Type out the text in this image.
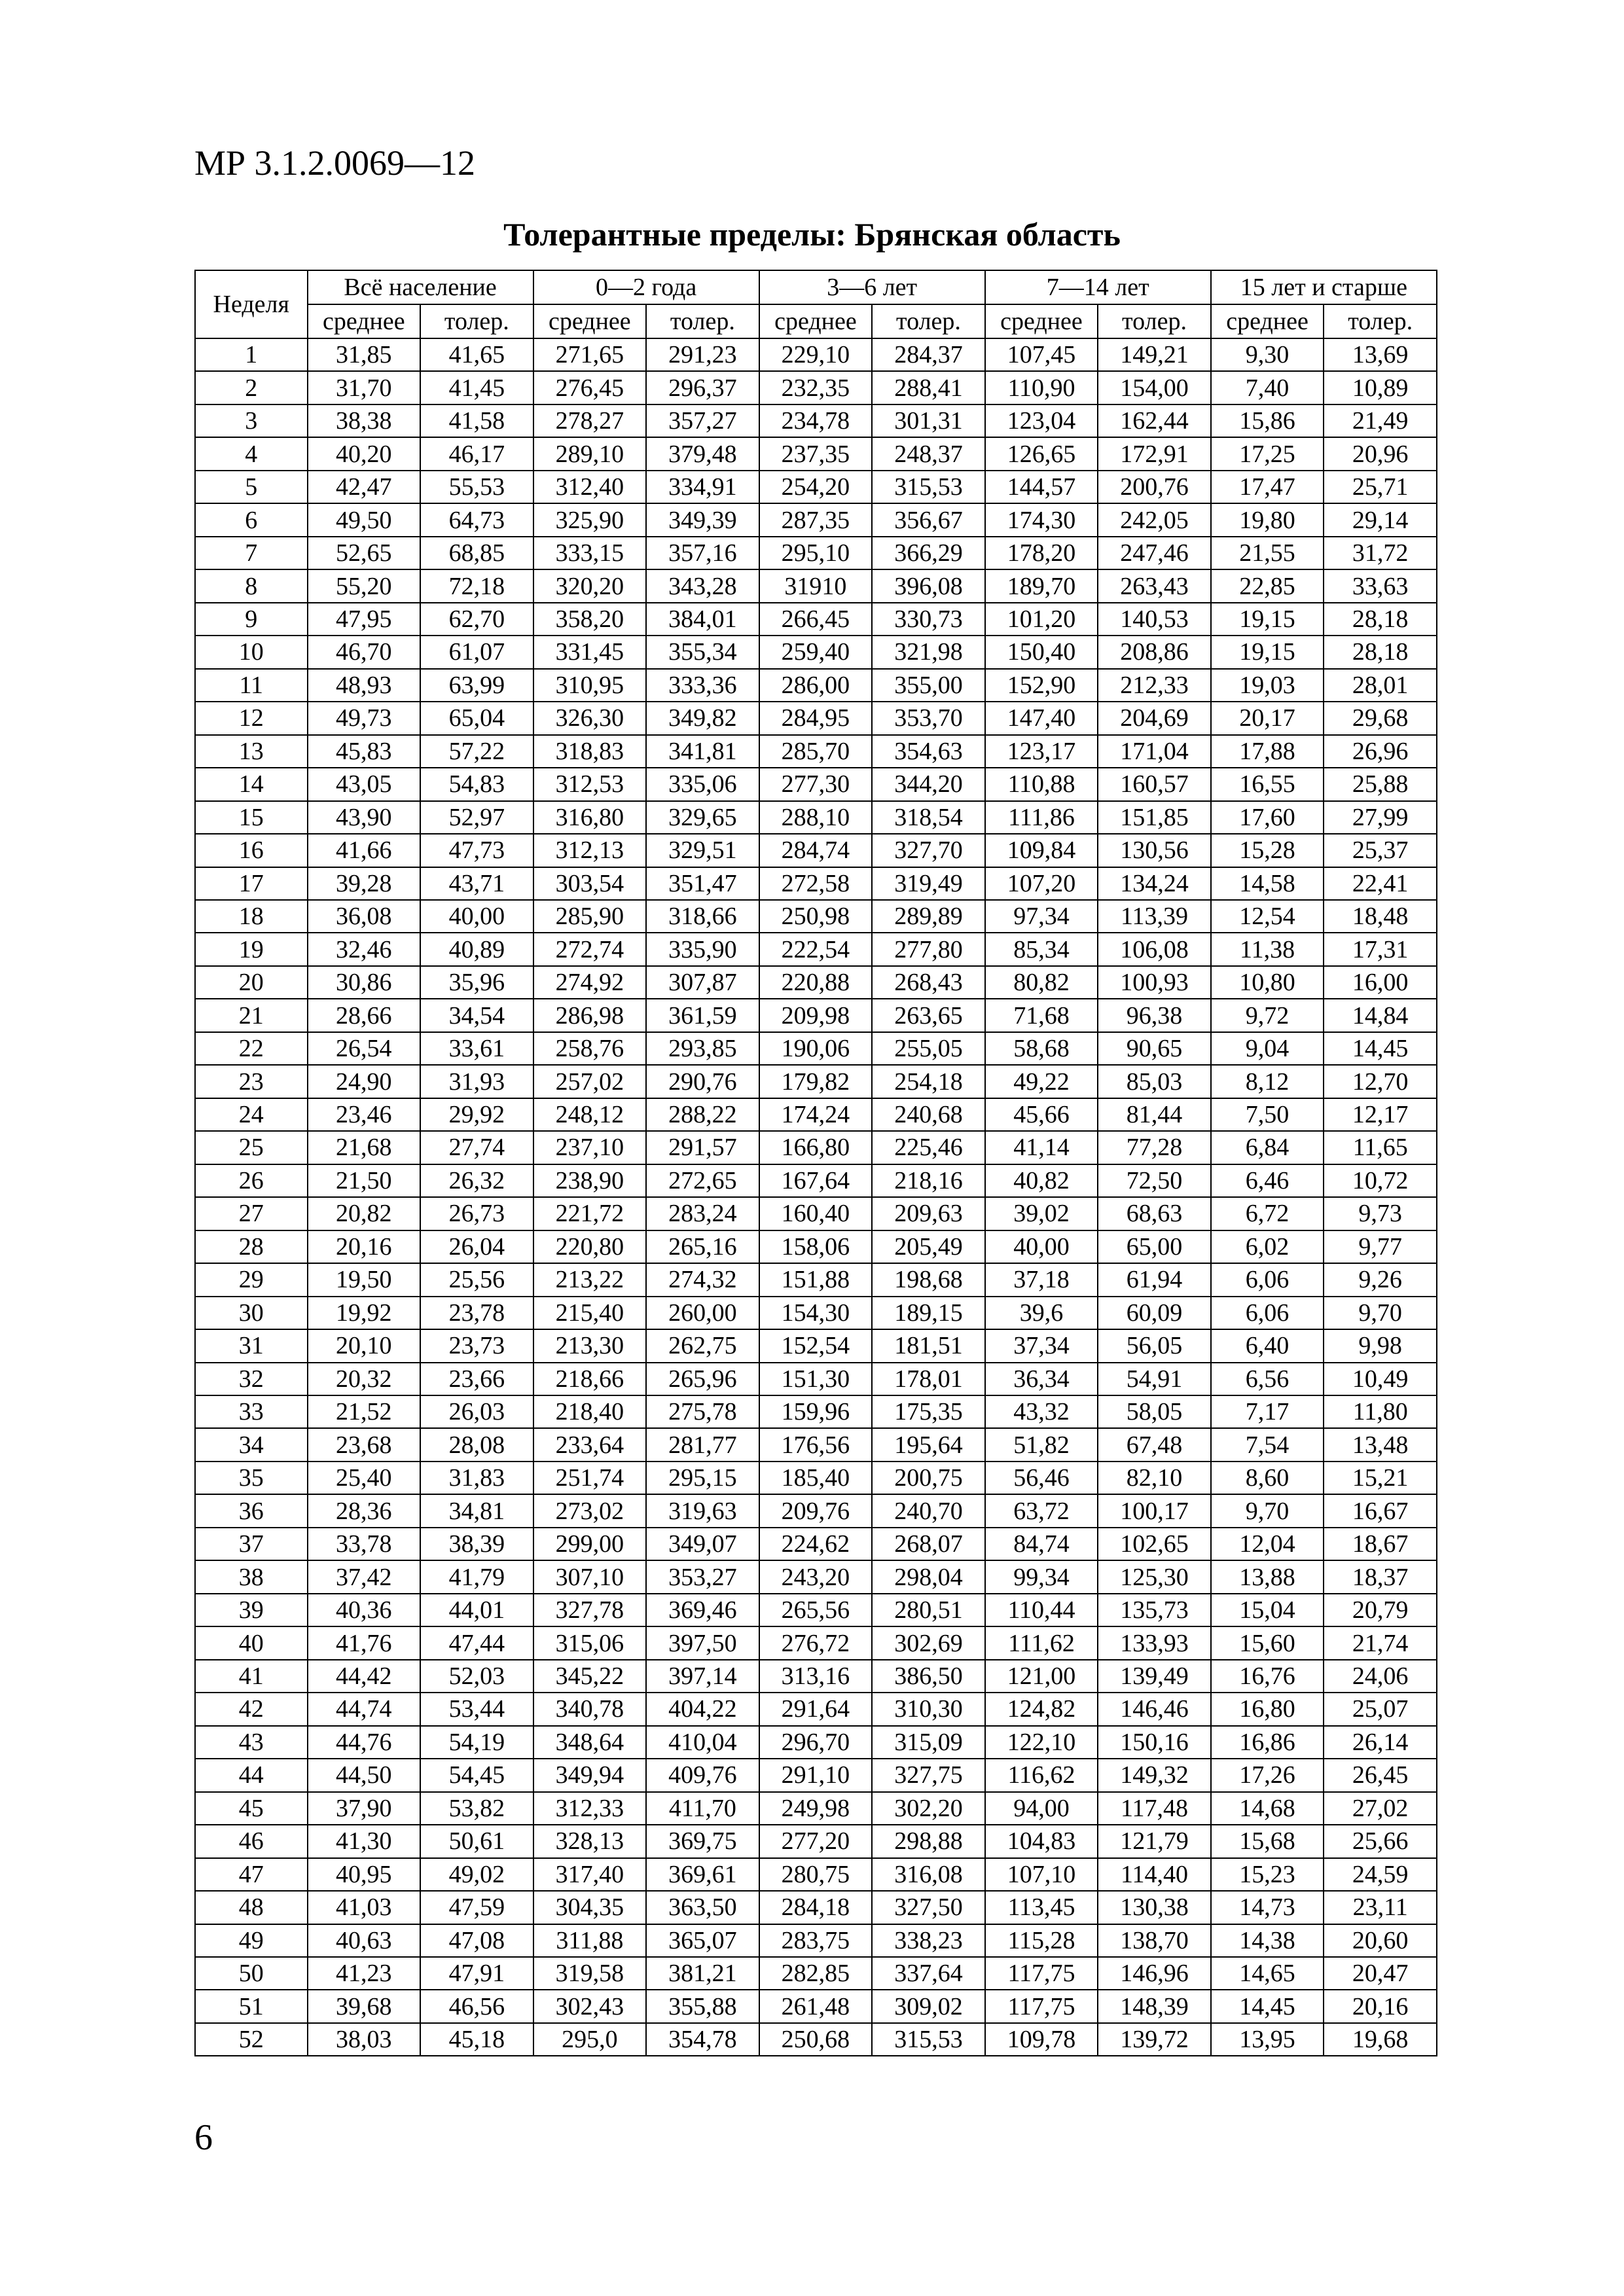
МР 3.1.2.0069—12
Толерантные пределы: Брянская область
Неделя	Всё население		0—2 года		3—6 лет		7—14 лет		15 лет и старше	
	среднее	толер.	среднее	толер.	среднее	толер.	среднее	толер.	среднее	толер.
1	31,85	41,65	271,65	291,23	229,10	284,37	107,45	149,21	9,30	13,69
2	31,70	41,45	276,45	296,37	232,35	288,41	110,90	154,00	7,40	10,89
3	38,38	41,58	278,27	357,27	234,78	301,31	123,04	162,44	15,86	21,49
4	40,20	46,17	289,10	379,48	237,35	248,37	126,65	172,91	17,25	20,96
5	42,47	55,53	312,40	334,91	254,20	315,53	144,57	200,76	17,47	25,71
6	49,50	64,73	325,90	349,39	287,35	356,67	174,30	242,05	19,80	29,14
7	52,65	68,85	333,15	357,16	295,10	366,29	178,20	247,46	21,55	31,72
8	55,20	72,18	320,20	343,28	31910	396,08	189,70	263,43	22,85	33,63
9	47,95	62,70	358,20	384,01	266,45	330,73	101,20	140,53	19,15	28,18
10	46,70	61,07	331,45	355,34	259,40	321,98	150,40	208,86	19,15	28,18
11	48,93	63,99	310,95	333,36	286,00	355,00	152,90	212,33	19,03	28,01
12	49,73	65,04	326,30	349,82	284,95	353,70	147,40	204,69	20,17	29,68
13	45,83	57,22	318,83	341,81	285,70	354,63	123,17	171,04	17,88	26,96
14	43,05	54,83	312,53	335,06	277,30	344,20	110,88	160,57	16,55	25,88
15	43,90	52,97	316,80	329,65	288,10	318,54	111,86	151,85	17,60	27,99
16	41,66	47,73	312,13	329,51	284,74	327,70	109,84	130,56	15,28	25,37
17	39,28	43,71	303,54	351,47	272,58	319,49	107,20	134,24	14,58	22,41
18	36,08	40,00	285,90	318,66	250,98	289,89	97,34	113,39	12,54	18,48
19	32,46	40,89	272,74	335,90	222,54	277,80	85,34	106,08	11,38	17,31
20	30,86	35,96	274,92	307,87	220,88	268,43	80,82	100,93	10,80	16,00
21	28,66	34,54	286,98	361,59	209,98	263,65	71,68	96,38	9,72	14,84
22	26,54	33,61	258,76	293,85	190,06	255,05	58,68	90,65	9,04	14,45
23	24,90	31,93	257,02	290,76	179,82	254,18	49,22	85,03	8,12	12,70
24	23,46	29,92	248,12	288,22	174,24	240,68	45,66	81,44	7,50	12,17
25	21,68	27,74	237,10	291,57	166,80	225,46	41,14	77,28	6,84	11,65
26	21,50	26,32	238,90	272,65	167,64	218,16	40,82	72,50	6,46	10,72
27	20,82	26,73	221,72	283,24	160,40	209,63	39,02	68,63	6,72	9,73
28	20,16	26,04	220,80	265,16	158,06	205,49	40,00	65,00	6,02	9,77
29	19,50	25,56	213,22	274,32	151,88	198,68	37,18	61,94	6,06	9,26
30	19,92	23,78	215,40	260,00	154,30	189,15	39,6	60,09	6,06	9,70
31	20,10	23,73	213,30	262,75	152,54	181,51	37,34	56,05	6,40	9,98
32	20,32	23,66	218,66	265,96	151,30	178,01	36,34	54,91	6,56	10,49
33	21,52	26,03	218,40	275,78	159,96	175,35	43,32	58,05	7,17	11,80
34	23,68	28,08	233,64	281,77	176,56	195,64	51,82	67,48	7,54	13,48
35	25,40	31,83	251,74	295,15	185,40	200,75	56,46	82,10	8,60	15,21
36	28,36	34,81	273,02	319,63	209,76	240,70	63,72	100,17	9,70	16,67
37	33,78	38,39	299,00	349,07	224,62	268,07	84,74	102,65	12,04	18,67
38	37,42	41,79	307,10	353,27	243,20	298,04	99,34	125,30	13,88	18,37
39	40,36	44,01	327,78	369,46	265,56	280,51	110,44	135,73	15,04	20,79
40	41,76	47,44	315,06	397,50	276,72	302,69	111,62	133,93	15,60	21,74
41	44,42	52,03	345,22	397,14	313,16	386,50	121,00	139,49	16,76	24,06
42	44,74	53,44	340,78	404,22	291,64	310,30	124,82	146,46	16,80	25,07
43	44,76	54,19	348,64	410,04	296,70	315,09	122,10	150,16	16,86	26,14
44	44,50	54,45	349,94	409,76	291,10	327,75	116,62	149,32	17,26	26,45
45	37,90	53,82	312,33	411,70	249,98	302,20	94,00	117,48	14,68	27,02
46	41,30	50,61	328,13	369,75	277,20	298,88	104,83	121,79	15,68	25,66
47	40,95	49,02	317,40	369,61	280,75	316,08	107,10	114,40	15,23	24,59
48	41,03	47,59	304,35	363,50	284,18	327,50	113,45	130,38	14,73	23,11
49	40,63	47,08	311,88	365,07	283,75	338,23	115,28	138,70	14,38	20,60
50	41,23	47,91	319,58	381,21	282,85	337,64	117,75	146,96	14,65	20,47
51	39,68	46,56	302,43	355,88	261,48	309,02	117,75	148,39	14,45	20,16
52	38,03	45,18	295,0	354,78	250,68	315,53	109,78	139,72	13,95	19,68
6
